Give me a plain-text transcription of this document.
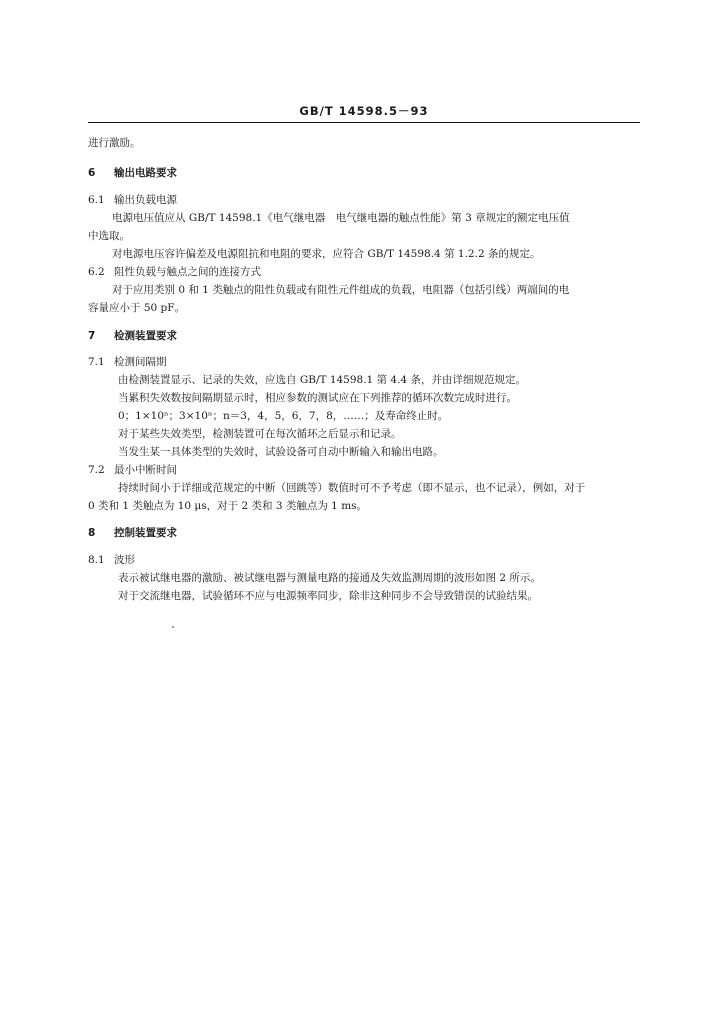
GB/T 14598.5－93
进行激励。
6 输出电路要求
6.1 输出负载电源
电源电压值应从 GB/T 14598.1《电气继电器　电气继电器的触点性能》第 3 章规定的额定电压值
中选取。
对电源电压容许偏差及电源阻抗和电阻的要求，应符合 GB/T 14598.4 第 1.2.2 条的规定。
6.2 阻性负载与触点之间的连接方式
对于应用类别 0 和 1 类触点的阻性负载或有阻性元件组成的负载，电阻器（包括引线）两端间的电
容量应小于 50 pF。
7 检测装置要求
7.1 检测间隔期
由检测装置显示、记录的失效，应选自 GB/T 14598.1 第 4.4 条，并由详细规范规定。
当累积失效数按间隔期显示时，相应参数的测试应在下列推荐的循环次数完成时进行。
0；1×10ⁿ；3×10ⁿ；n＝3，4，5，6，7，8，……；及寿命终止时。
对于某些失效类型，检测装置可在每次循环之后显示和记录。
当发生某一具体类型的失效时，试验设备可自动中断输入和输出电路。
7.2 最小中断时间
持续时间小于详细或范规定的中断（回跳等）数值时可不予考虑（即不显示，也不记录），例如，对于
0 类和 1 类触点为 10 μs，对于 2 类和 3 类触点为 1 ms。
8 控制装置要求
8.1 波形
表示被试继电器的激励、被试继电器与测量电路的接通及失效监测周期的波形如图 2 所示。
对于交流继电器，试验循环不应与电源频率同步，除非这种同步不会导致错误的试验结果。
